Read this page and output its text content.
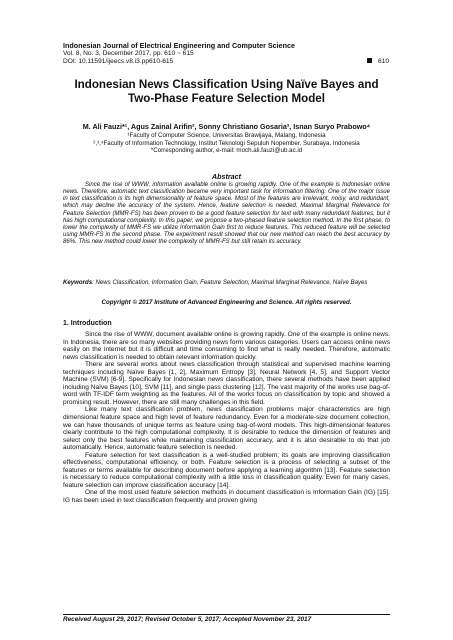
Indonesian Journal of Electrical Engineering and Computer Science
Vol. 8, No. 3, December 2017, pp. 610 ~ 615
DOI: 10.11591/ijeecs.v8.i3.pp610-615	610
Indonesian News Classification Using Naïve Bayes and Two-Phase Feature Selection Model
M. Ali Fauzi*¹, Agus Zainal Arifin², Sonny Christiano Gosaria³, Isnan Suryo Prabowo⁴
¹Faculty of Computer Science, Universitas Brawijaya, Malang, Indonesia
²,³,⁴Faculty of Information Technology, Institut Teknologi Sepuluh Nopember, Surabaya, Indonesia
*Corresponding author, e-mail: moch.ali.fauzi@ub.ac.id
Abstract

Since the rise of WWW, information available online is growing rapidly. One of the example is Indonesian online news. Therefore, automatic text classification became very important task for information filtering. One of the major issue in text classification is its high dimensionality of feature space. Most of the features are irrelevant, noisy, and redundant, which may decline the accuracy of the system. Hence, feature selection is needed. Maximal Marginal Relevance for Feature Selection (MMR-FS) has been proven to be a good feature selection for text with many redundant features, but it has high computational complexity. In this paper, we propose a two-phased feature selection method. In the first phase, to lower the complexity of MMR-FS we utilize Information Gain first to reduce features. This reduced feature will be selected using MMR-FS in the second phase. The experiment result showed that our new method can reach the best accuracy by 86%. This new method could lower the complexity of MMR-FS but still retain its accuracy.

Keywords: News Classification, Information Gain, Feature Selection, Maximal Marginal Relevance, Naïve Bayes

Copyright © 2017 Institute of Advanced Engineering and Science. All rights reserved.
1. Introduction

Since the rise of WWW, document available online is growing rapidly. One of the example is online news. In Indonesia, there are so many websites providing news form various categories. Users can access online news easily on the internet but it is difficult and time consuming to find what is really needed. Therefore, automatic news classification is needed to obtain relevant information quickly.

There are several works about news classification through statistical and supervised machine learning techniques including Naïve Bayes [1, 2], Maximum Entropy [3], Neural Network [4, 5], and Support Vector Machine (SVM) [6-9]. Specifically for Indonesian news classification, there several methods have been applied including Naïve Bayes [10], SVM [11], and single pass clustering [12]. The vast majority of the works use bag-of-word with TF-IDF term weighting as the features. All of the works focus on classification by topic and showed a promising result. However, there are still many challenges in this field.

Like many text classification problem, news classification problems major characteristics are high dimensional feature space and high level of feature redundancy. Even for a moderate-size document collection, we can have thousands of unique terms as feature using bag-of-word models. This high-dimensional features clearly contribute to the high computational complexity. It is desirable to reduce the dimension of features and select only the best features while maintaining classification accuracy, and it is also desirable to do that job automatically. Hence, automatic feature selection is needed.

Feature selection for text classification is a well-studied problem; its goals are improving classification effectiveness, computational efficiency, or both. Feature selection is a process of selecting a subset of the features or terms available for describing document before applying a learning algorithm [13]. Feature selection is necessary to reduce computational complexity with a little loss in classification quality. Even for many cases, feature selection can improve classification accuracy [14].

One of the most used feature selection methods in document classification is Information Gain (IG) [15]. IG has been used in text classification frequently and proven giving

Received August 29, 2017; Revised October 5, 2017; Accepted November 23, 2017
